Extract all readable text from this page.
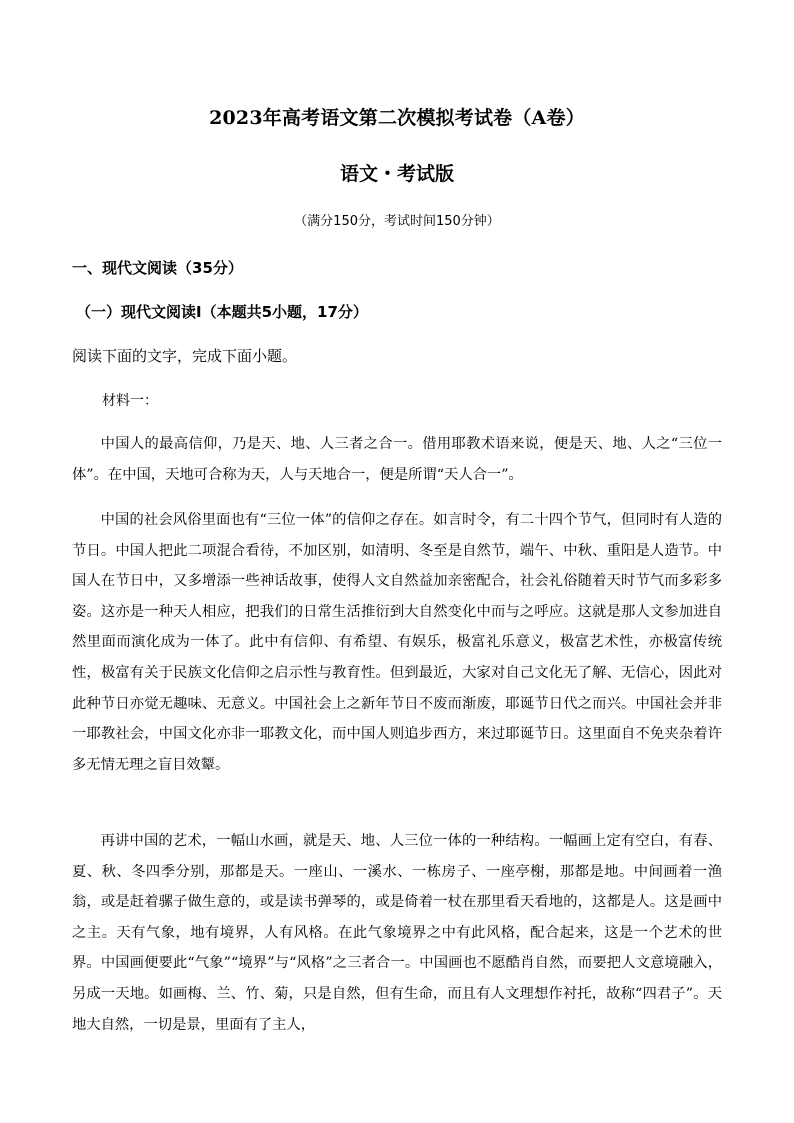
2023年高考语文第二次模拟考试卷（A卷）
语文・考试版
（满分150分，考试时间150分钟）
一、现代文阅读（35分）
（一）现代文阅读Ⅰ（本题共5小题，17分）
阅读下面的文字，完成下面小题。
材料一：

中国人的最高信仰，乃是天、地、人三者之合一。借用耶教术语来说，便是天、地、人之“三位一体”。在中国，天地可合称为天，人与天地合一，便是所谓“天人合一”。

中国的社会风俗里面也有“三位一体”的信仰之存在。如言时令，有二十四个节气，但同时有人造的节日。中国人把此二项混合看待，不加区别，如清明、冬至是自然节，端午、中秋、重阳是人造节。中国人在节日中，又多增添一些神话故事，使得人文自然益加亲密配合，社会礼俗随着天时节气而多彩多姿。这亦是一种天人相应，把我们的日常生活推衍到大自然变化中而与之呼应。这就是那人文参加进自然里面而演化成为一体了。此中有信仰、有希望、有娱乐，极富礼乐意义，极富艺术性，亦极富传统性，极富有关于民族文化信仰之启示性与教育性。但到最近，大家对自己文化无了解、无信心，因此对此种节日亦觉无趣味、无意义。中国社会上之新年节日不废而渐废，耶诞节日代之而兴。中国社会并非一耶教社会，中国文化亦非一耶教文化，而中国人则追步西方，来过耶诞节日。这里面自不免夹杂着许多无情无理之盲目效颦。

再讲中国的艺术，一幅山水画，就是天、地、人三位一体的一种结构。一幅画上定有空白，有春、夏、秋、冬四季分别，那都是天。一座山、一溪水、一栋房子、一座亭榭，那都是地。中间画着一渔翁，或是赶着骡子做生意的，或是读书弹琴的，或是倚着一杖在那里看天看地的，这都是人。这是画中之主。天有气象，地有境界，人有风格。在此气象境界之中有此风格，配合起来，这是一个艺术的世界。中国画便要此“气象”“境界”与“风格”之三者合一。中国画也不愿酷肖自然，而要把人文意境融入，另成一天地。如画梅、兰、竹、菊，只是自然，但有生命，而且有人文理想作衬托，故称“四君子”。天地大自然，一切是景，里面有了主人，
